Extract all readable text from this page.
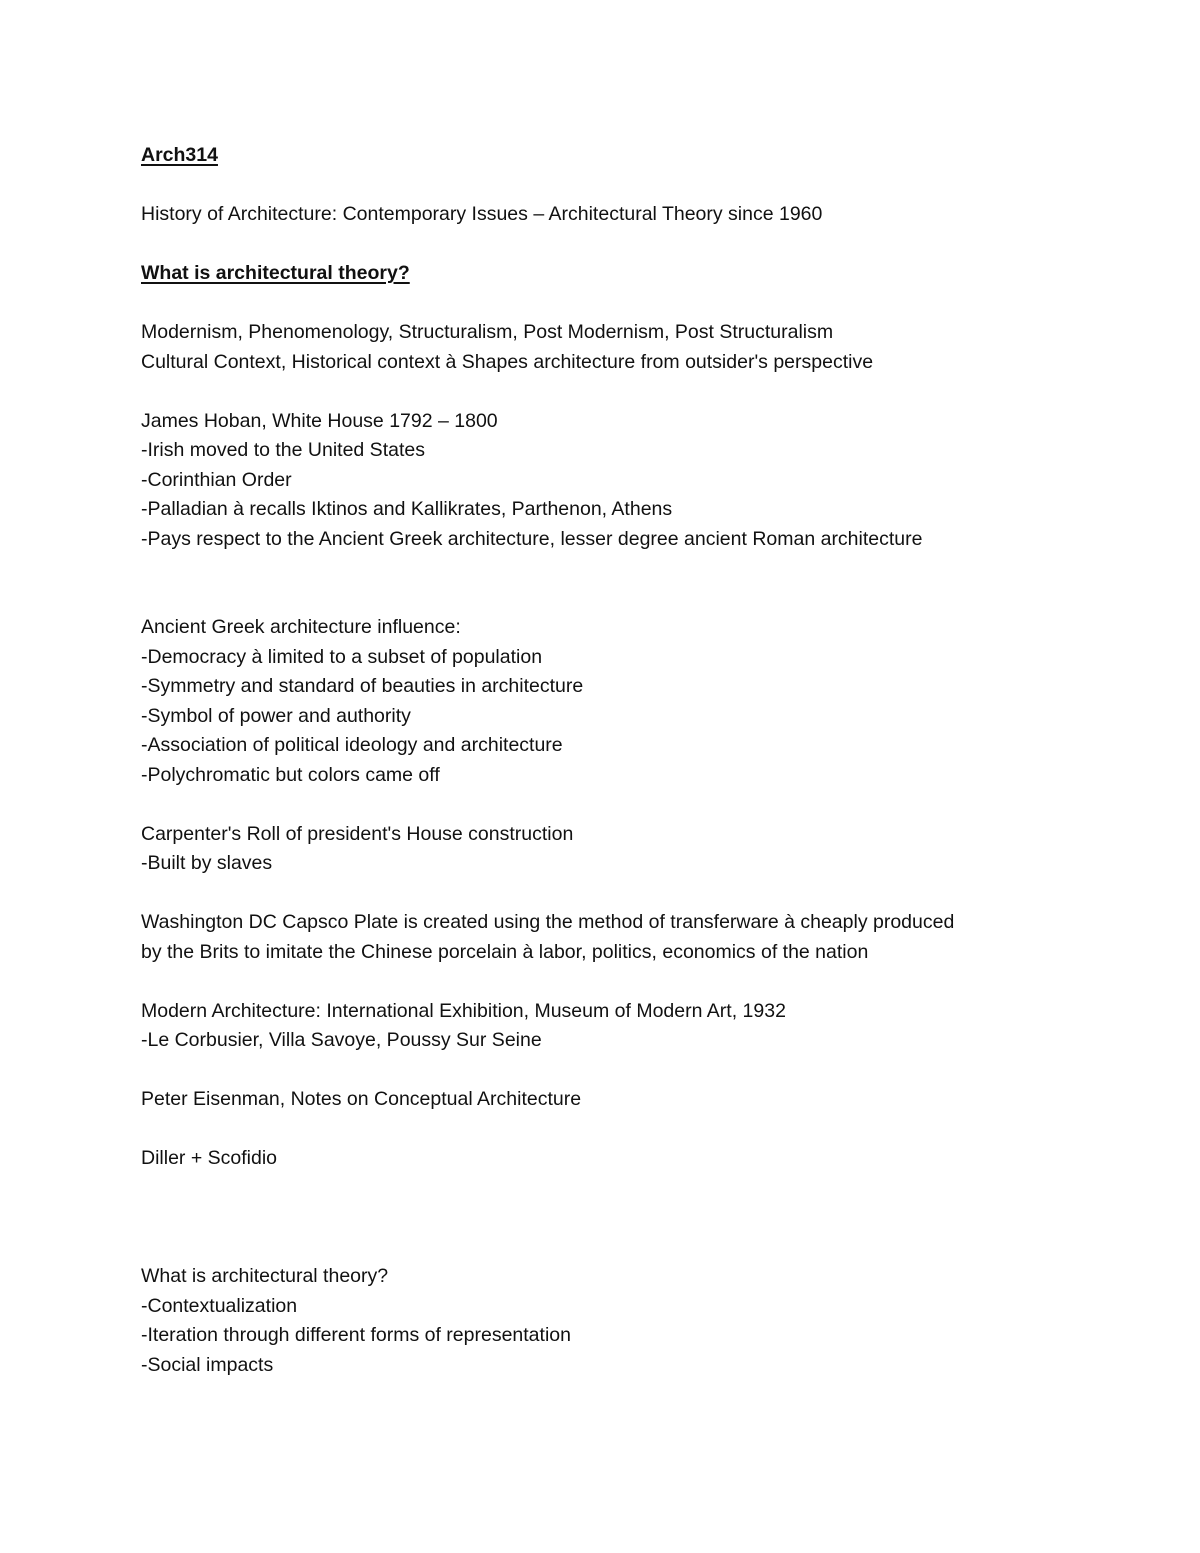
Arch314
History of Architecture: Contemporary Issues – Architectural Theory since 1960
What is architectural theory?
Modernism, Phenomenology, Structuralism, Post Modernism, Post Structuralism
Cultural Context, Historical context à Shapes architecture from outsider's perspective
James Hoban, White House 1792 – 1800
-Irish moved to the United States
-Corinthian Order
-Palladian à recalls Iktinos and Kallikrates, Parthenon, Athens
-Pays respect to the Ancient Greek architecture, lesser degree ancient Roman architecture
Ancient Greek architecture influence:
-Democracy à limited to a subset of population
-Symmetry and standard of beauties in architecture
-Symbol of power and authority
-Association of political ideology and architecture
-Polychromatic but colors came off
Carpenter's Roll of president's House construction
-Built by slaves
Washington DC Capsco Plate is created using the method of transferware à cheaply produced
by the Brits to imitate the Chinese porcelain à labor, politics, economics of the nation
Modern Architecture: International Exhibition, Museum of Modern Art, 1932
-Le Corbusier, Villa Savoye, Poussy Sur Seine
Peter Eisenman, Notes on Conceptual Architecture
Diller + Scofidio
What is architectural theory?
-Contextualization
-Iteration through different forms of representation
-Social impacts
